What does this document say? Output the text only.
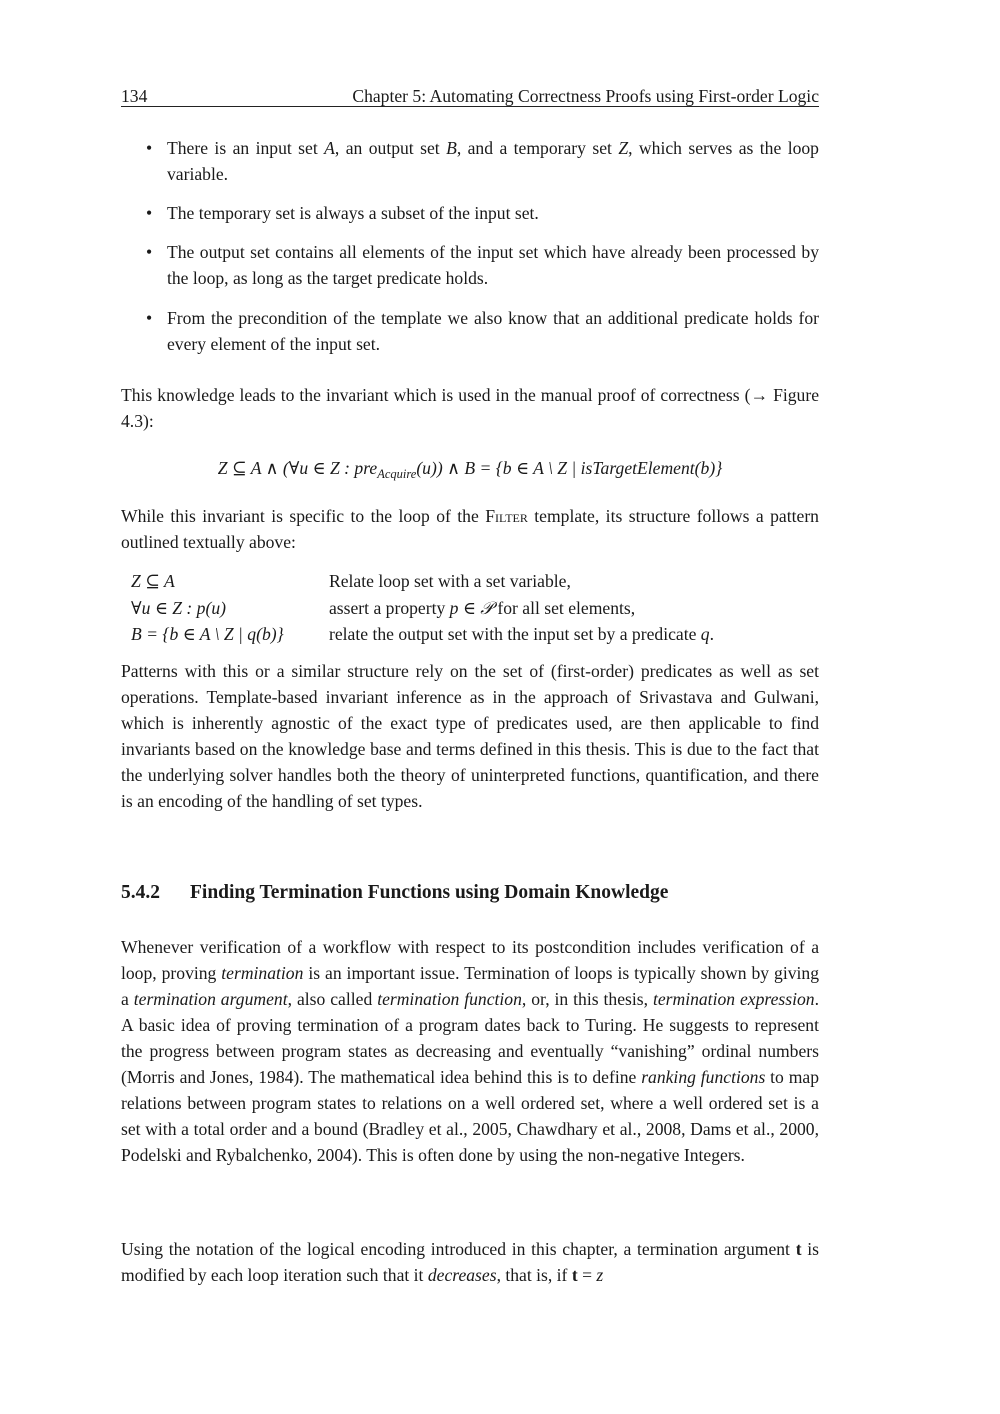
134	Chapter 5: Automating Correctness Proofs using First-order Logic
• There is an input set A, an output set B, and a temporary set Z, which serves as the loop variable.
• The temporary set is always a subset of the input set.
• The output set contains all elements of the input set which have already been processed by the loop, as long as the target predicate holds.
• From the precondition of the template we also know that an additional predicate holds for every element of the input set.

This knowledge leads to the invariant which is used in the manual proof of correctness (→ Figure 4.3):

Z ⊆ A ∧ (∀u ∈ Z : pre$_{Acquire}$(u)) ∧ B = {b ∈ A \ Z | isTargetElement(b)}

While this invariant is specific to the loop of the Filter template, its structure follows a pattern outlined textually above:

Z ⊆ A	Relate loop set with a set variable,
∀u ∈ Z : p(u)	assert a property p ∈ 𝒫 for all set elements,
B = {b ∈ A \ Z | q(b)}	relate the output set with the input set by a predicate q.

Patterns with this or a similar structure rely on the set of (first-order) predicates as well as set operations. Template-based invariant inference as in the approach of Srivastava and Gulwani, which is inherently agnostic of the exact type of predicates used, are then applicable to find invariants based on the knowledge base and terms defined in this thesis. This is due to the fact that the underlying solver handles both the theory of uninterpreted functions, quantification, and there is an encoding of the handling of set types.

5.4.2 Finding Termination Functions using Domain Knowledge

Whenever verification of a workflow with respect to its postcondition includes verification of a loop, proving termination is an important issue. Termination of loops is typically shown by giving a termination argument, also called termination function, or, in this thesis, termination expression. A basic idea of proving termination of a program dates back to Turing. He suggests to represent the progress between program states as decreasing and eventually “vanishing” ordinal numbers (Morris and Jones, 1984). The mathematical idea behind this is to define ranking functions to map relations between program states to relations on a well ordered set, where a well ordered set is a set with a total order and a bound (Bradley et al., 2005, Chawdhary et al., 2008, Dams et al., 2000, Podelski and Rybalchenko, 2004). This is often done by using the non-negative Integers.

Using the notation of the logical encoding introduced in this chapter, a termination argument t is modified by each loop iteration such that it decreases, that is, if t = z
